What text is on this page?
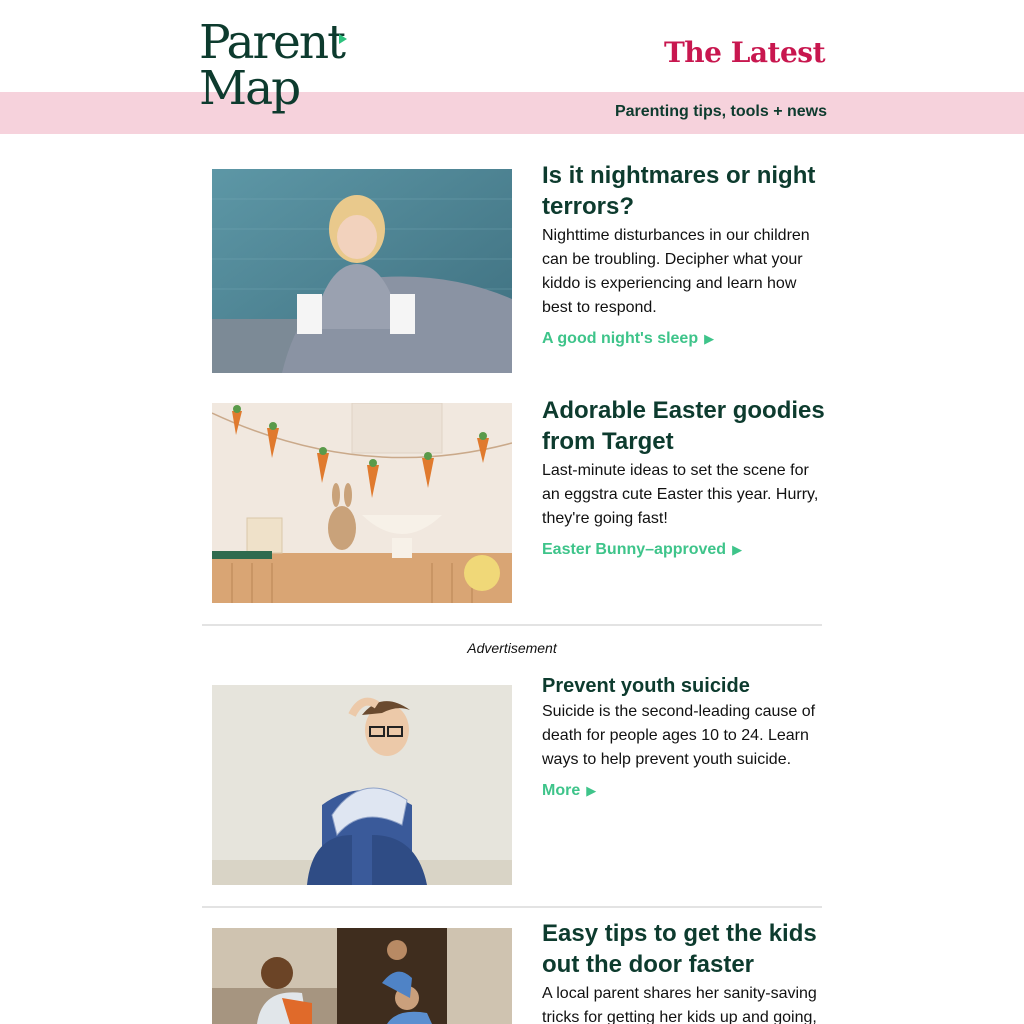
Parent
Map
The Latest
Parenting tips, tools + news
Is it nightmares or night terrors?
Nighttime disturbances in our children can be troubling. Decipher what your kiddo is experiencing and learn how best to respond.
A good night's sleep ▶
Adorable Easter goodies from Target
Last-minute ideas to set the scene for an eggstra cute Easter this year. Hurry, they're going fast!
Easter Bunny–approved ▶
Advertisement
Prevent youth suicide
Suicide is the second-leading cause of death for people ages 10 to 24. Learn ways to help prevent youth suicide.
More ▶
Easy tips to get the kids out the door faster
A local parent shares her sanity-saving
tricks for getting her kids up and going,
